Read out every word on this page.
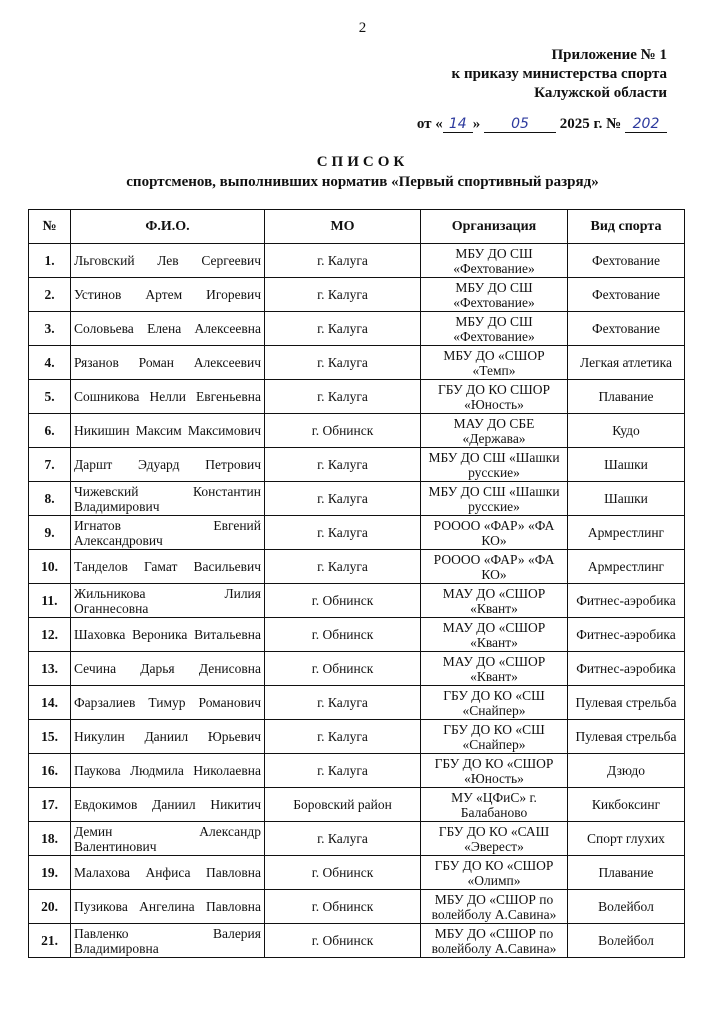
2
Приложение № 1
к приказу министерства спорта
Калужской области
от « 14 » 05 2025 г. № 202
СПИСОК
спортсменов, выполнивших норматив «Первый спортивный разряд»
№	Ф.И.О.	МО	Организация	Вид спорта
1.	Льговский Лев Сергеевич	г. Калуга	МБУ ДО СШ «Фехтование»	Фехтование
2.	Устинов Артем Игоревич	г. Калуга	МБУ ДО СШ «Фехтование»	Фехтование
3.	Соловьева Елена Алексеевна	г. Калуга	МБУ ДО СШ «Фехтование»	Фехтование
4.	Рязанов Роман Алексеевич	г. Калуга	МБУ ДО «СШОР «Темп»	Легкая атлетика
5.	Сошникова Нелли Евгеньевна	г. Калуга	ГБУ ДО КО СШОР «Юность»	Плавание
6.	Никишин Максим Максимович	г. Обнинск	МАУ ДО СБЕ «Держава»	Кудо
7.	Даршт Эдуард Петрович	г. Калуга	МБУ ДО СШ «Шашки русские»	Шашки
8.	Чижевский Константин Владимирович	г. Калуга	МБУ ДО СШ «Шашки русские»	Шашки
9.	Игнатов Евгений Александрович	г. Калуга	РОООО «ФАР» «ФА КО»	Армрестлинг
10.	Танделов Гамат Васильевич	г. Калуга	РОООО «ФАР» «ФА КО»	Армрестлинг
11.	Жильникова Лилия Оганнесовна	г. Обнинск	МАУ ДО «СШОР «Квант»	Фитнес-аэробика
12.	Шаховка Вероника Витальевна	г. Обнинск	МАУ ДО «СШОР «Квант»	Фитнес-аэробика
13.	Сечина Дарья Денисовна	г. Обнинск	МАУ ДО «СШОР «Квант»	Фитнес-аэробика
14.	Фарзалиев Тимур Романович	г. Калуга	ГБУ ДО КО «СШ «Снайпер»	Пулевая стрельба
15.	Никулин Даниил Юрьевич	г. Калуга	ГБУ ДО КО «СШ «Снайпер»	Пулевая стрельба
16.	Паукова Людмила Николаевна	г. Калуга	ГБУ ДО КО «СШОР «Юность»	Дзюдо
17.	Евдокимов Даниил Никитич	Боровский район	МУ «ЦФиС» г. Балабаново	Кикбоксинг
18.	Демин Александр Валентинович	г. Калуга	ГБУ ДО КО «САШ «Эверест»	Спорт глухих
19.	Малахова Анфиса Павловна	г. Обнинск	ГБУ ДО КО «СШОР «Олимп»	Плавание
20.	Пузикова Ангелина Павловна	г. Обнинск	МБУ ДО «СШОР по волейболу А.Савина»	Волейбол
21.	Павленко Валерия Владимировна	г. Обнинск	МБУ ДО «СШОР по волейболу А.Савина»	Волейбол
